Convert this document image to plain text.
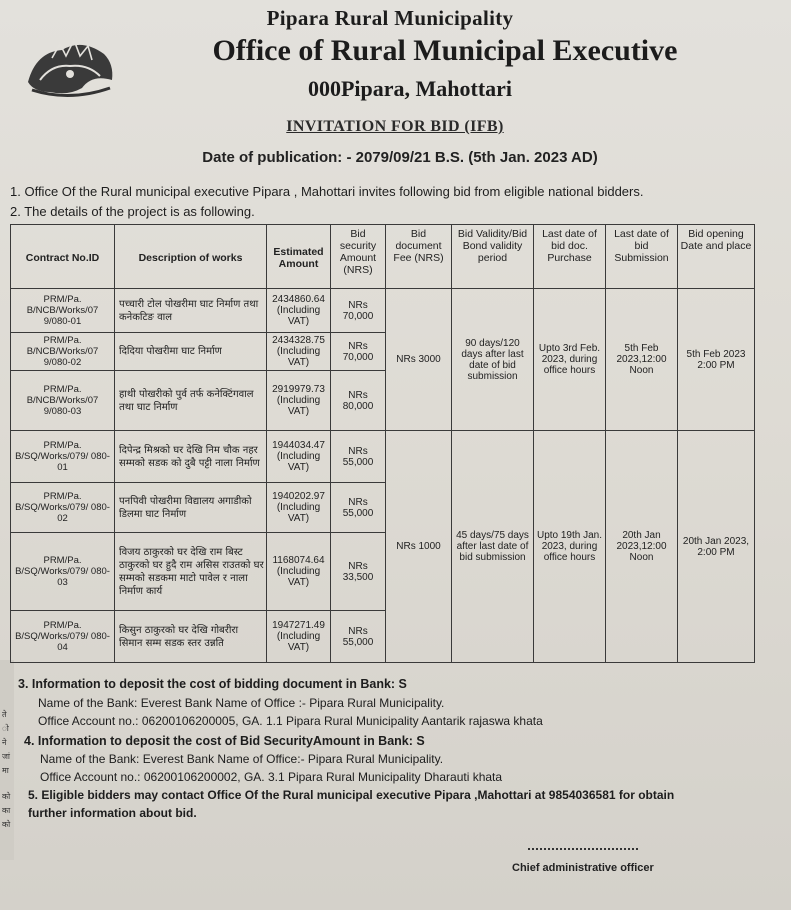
ते
ो
ने
जां
मा
को
का
को
Pipara Rural Municipality
Office of Rural Municipal Executive
000Pipara, Mahottari
INVITATION FOR BID (IFB)
Date of publication: - 2079/09/21 B.S. (5th Jan. 2023 AD)
1. Office Of the Rural municipal executive Pipara , Mahottari invites following bid from eligible national bidders.
2. The details of the project is as following.
Contract No.ID	Description of works	Estimated Amount	Bid security Amount (NRS)	Bid document Fee (NRS)	Bid Validity/Bid Bond validity period	Last date of bid doc. Purchase	Last date of bid Submission	Bid opening Date and place
PRM/Pa. B/NCB/Works/07 9/080-01	पच्चारी टोल पोखरीमा घाट निर्माण तथा कनेकटिङ वाल	2434860.64 (Including VAT)	NRs 70,000	NRs 3000	90 days/120 days after last date of bid submission	Upto 3rd Feb. 2023, during office hours	5th Feb 2023,12:00 Noon	5th Feb 2023 2:00 PM
PRM/Pa. B/NCB/Works/07 9/080-02	दिदिया पोखरीमा घाट निर्माण	2434328.75 (Including VAT)	NRs 70,000					
PRM/Pa. B/NCB/Works/07 9/080-03	हाथी पोखरीको पुर्व तर्फ कनेक्टिंगवाल तथा घाट निर्माण	2919979.73 (Including VAT)	NRs 80,000					
PRM/Pa. B/SQ/Works/079/ 080-01	दिपेन्द्र मिश्रको घर देखि निम चौक नहर सम्मको सडक को दुबै पट्टी नाला निर्माण	1944034.47 (Including VAT)	NRs 55,000	NRs 1000	45 days/75 days after last date of bid submission	Upto 19th Jan. 2023, during office hours	20th Jan 2023,12:00 Noon	20th Jan 2023, 2:00 PM
PRM/Pa. B/SQ/Works/079/ 080-02	पनपिवी पोखरीमा विद्यालय अगाडीको डिलमा घाट निर्माण	1940202.97 (Including VAT)	NRs 55,000					
PRM/Pa. B/SQ/Works/079/ 080-03	विजय ठाकुरको घर देखि राम बिस्ट ठाकुरको घर हुदै राम असिस राउतको घर सम्मको सडकमा माटो पावेल र नाला निर्माण कार्य	1168074.64 (Including VAT)	NRs 33,500					
PRM/Pa. B/SQ/Works/079/ 080-04	किसुन ठाकुरको घर देखि गोबरीरा सिमान सम्म सडक स्तर उन्नति	1947271.49 (Including VAT)	NRs 55,000					
3. Information to deposit the cost of bidding document in Bank: S
Name of the Bank: Everest Bank Name of Office :- Pipara Rural Municipality.
Office Account no.: 06200106200005, GA. 1.1 Pipara Rural Municipality Aantarik rajaswa khata
4. Information to deposit the cost of Bid SecurityAmount in Bank: S
Name of the Bank: Everest Bank Name of Office:- Pipara Rural Municipality.
Office Account no.: 06200106200002, GA. 3.1 Pipara Rural Municipality Dharauti khata
5. Eligible bidders may contact Office Of the Rural municipal executive Pipara ,Mahottari at 9854036581 for obtain
further information about bid.
Chief administrative officer
